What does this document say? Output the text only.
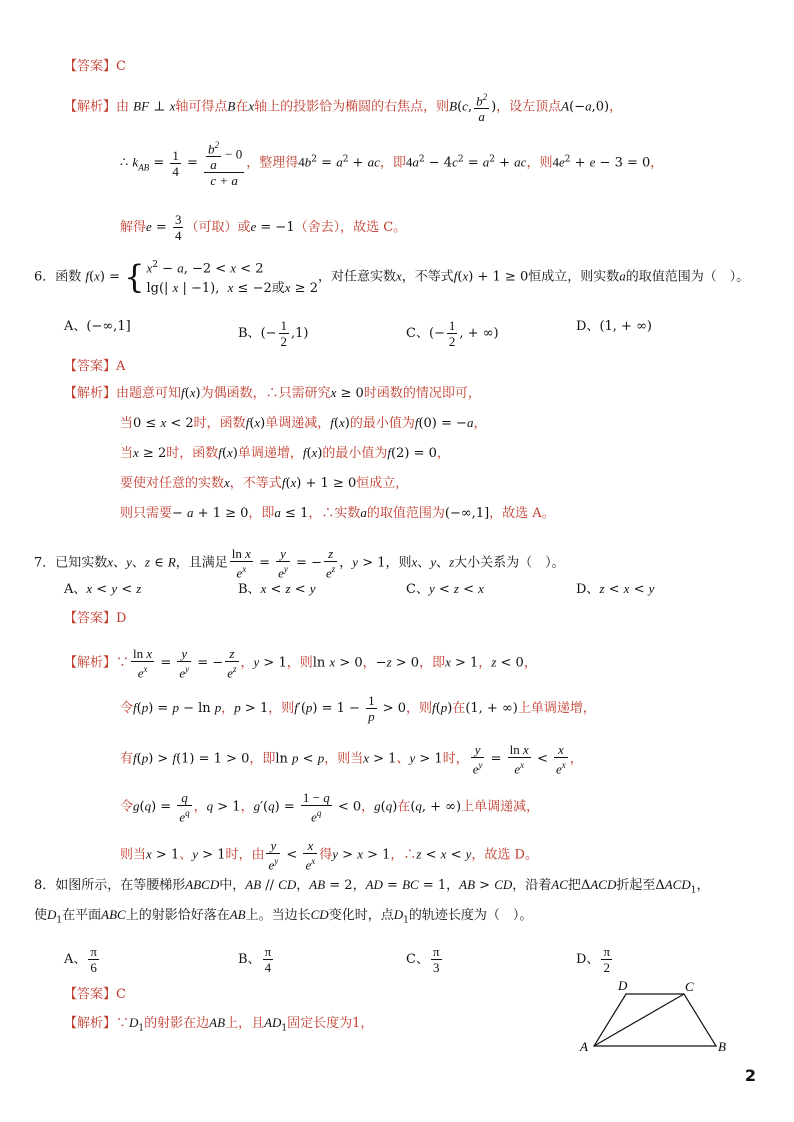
【答案】C
【解析】由 BF ⊥ x轴可得点B在x轴上的投影恰为椭圆的右焦点，则B(c, $\frac{b^2}{a}$ )，设左顶点A(−a,0)，
∴ $k_{AB} = \frac{1}{4} = \frac{\frac{b^2}{a} - 0}{c + a}$ ，整理得$4b^2 = a^2$ + ac，即$4a^2 - 4c^2 = a^2$ + ac，则$4e^2 + e - 3 = 0$，
解得$e = \frac{3}{4}$ （可取）或e = −1（舍去），故选 C。
6．函数 f(x) = { $x^2 - a$, −2 < x < 2
lg(| x | −1),  x ≤ −2或x ≥ 2
，对任意实数x，不等式f(x) + 1 ≥ 0恒成立，则实数a的取值范围为（　）。
A、(−∞,1]	B、(− $\frac{1}{2} ,1$)	C、(− $\frac{1}{2}$ , + ∞)	D、(1, + ∞)
【答案】A
【解析】由题意可知f(x)为偶函数，∴只需研究x ≥ 0时函数的情况即可，
当0 ≤ x < 2时，函数f(x)单调递减，f(x)的最小值为f(0) = −a，
当x ≥ 2时，函数f(x)单调递增，f(x)的最小值为f(2) = 0，
要使对任意的实数x，不等式f(x) + 1 ≥ 0恒成立，
则只需要− a + 1 ≥ 0，即a ≤ 1，∴实数a的取值范围为(−∞,1]，故选 A。
7．已知实数x、y、z ∈ R，且满足 $\frac{\text{ln x}}{e^x} = \frac{y}{e^y}$ = − $\frac{z}{e^z}$ ，y > 1，则x、y、z大小关系为（　）。
A、x < y < z	B、x < z < y	C、y < z < x	D、z < x < y
【答案】D
【解析】∵ $\frac{\text{ln x}}{e^x} = \frac{y}{e^y}$ = − $\frac{z}{e^z}$ ，y > 1，则ln x > 0，−z > 0，即x > 1，z < 0，
令f(p) = p − ln p，p > 1，则$f'(p) = 1 - \frac{1}{p} > 0$，则f(p)在(1, + ∞)上单调递增，
有f(p) > f(1) = 1 > 0，即ln p < p，则当x > 1、y > 1时， $\frac{y}{e^y} = \frac{\text{ln x}}{e^x} < \frac{x}{e^x}$ ，
令$g(q) = \frac{q}{e^q}$ ，q > 1，$g'(q) = \frac{1 - q}{e^q} < 0$，g(q)在(q, + ∞)上单调递减，
则当x > 1、y > 1时，由 $\frac{y}{e^y} < \frac{x}{e^x}$ 得y > x > 1，∴z < x < y，故选 D。
8．如图所示，在等腰梯形ABCD中，AB // CD，AB = 2，AD = BC = 1，AB > CD，沿着AC把ΔACD折起至$\Delta ACD_1$，
使$D_1$在平面ABC上的射影恰好落在AB上。当边长CD变化时，点$D_1$的轨迹长度为（　）。
A、 $\frac{\pi}{6}$	B、 $\frac{\pi}{4}$	C、 $\frac{\pi}{3}$	D、 $\frac{\pi}{2}$
【答案】C
【解析】$\because D_1$的射影在边AB上，且$AD_1$固定长度为1，
D	C
A	B
2
